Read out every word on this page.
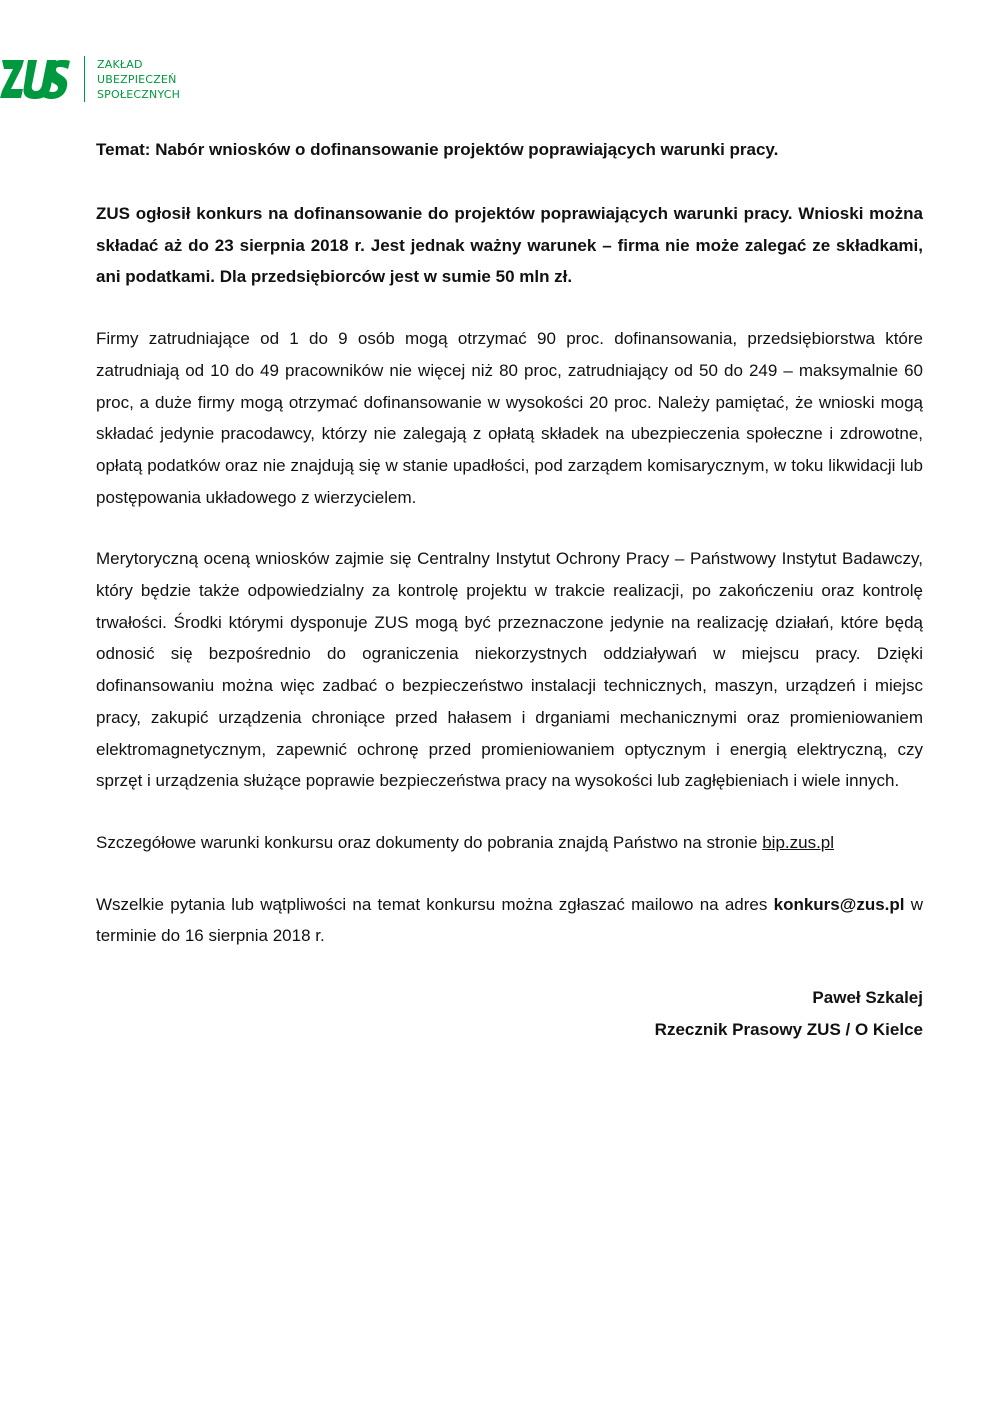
ZAKŁAD
UBEZPIECZEŃ
SPOŁECZNYCH
Temat: Nabór wniosków o dofinansowanie projektów poprawiających warunki pracy.

ZUS ogłosił konkurs na dofinansowanie do projektów poprawiających warunki pracy. Wnioski można składać aż do 23 sierpnia 2018 r. Jest jednak ważny warunek – firma nie może zalegać ze składkami, ani podatkami. Dla przedsiębiorców jest w sumie 50 mln zł.

Firmy zatrudniające od 1 do 9 osób mogą otrzymać 90 proc. dofinansowania, przedsiębiorstwa które zatrudniają od 10 do 49 pracowników nie więcej niż 80 proc, zatrudniający od 50 do 249 – maksymalnie 60 proc, a duże firmy mogą otrzymać dofinansowanie w wysokości 20 proc. Należy pamiętać, że wnioski mogą składać jedynie pracodawcy, którzy nie zalegają z opłatą składek na ubezpieczenia społeczne i zdrowotne, opłatą podatków oraz nie znajdują się w stanie upadłości, pod zarządem komisarycznym, w toku likwidacji lub postępowania układowego z wierzycielem.

Merytoryczną oceną wniosków zajmie się Centralny Instytut Ochrony Pracy – Państwowy Instytut Badawczy, który będzie także odpowiedzialny za kontrolę projektu w trakcie realizacji, po zakończeniu oraz kontrolę trwałości. Środki którymi dysponuje ZUS mogą być przeznaczone jedynie na realizację działań, które będą odnosić się bezpośrednio do ograniczenia niekorzystnych oddziaływań w miejscu pracy. Dzięki dofinansowaniu można więc zadbać o bezpieczeństwo instalacji technicznych, maszyn, urządzeń i miejsc pracy, zakupić urządzenia chroniące przed hałasem i drganiami mechanicznymi oraz promieniowaniem elektromagnetycznym, zapewnić ochronę przed promieniowaniem optycznym i energią elektryczną, czy sprzęt i urządzenia służące poprawie bezpieczeństwa pracy na wysokości lub zagłębieniach i wiele innych.

Szczegółowe warunki konkursu oraz dokumenty do pobrania znajdą Państwo na stronie bip.zus.pl

Wszelkie pytania lub wątpliwości na temat konkursu można zgłaszać mailowo na adres konkurs@zus.pl w terminie do 16 sierpnia 2018 r.

Paweł Szkalej
Rzecznik Prasowy ZUS / O Kielce
